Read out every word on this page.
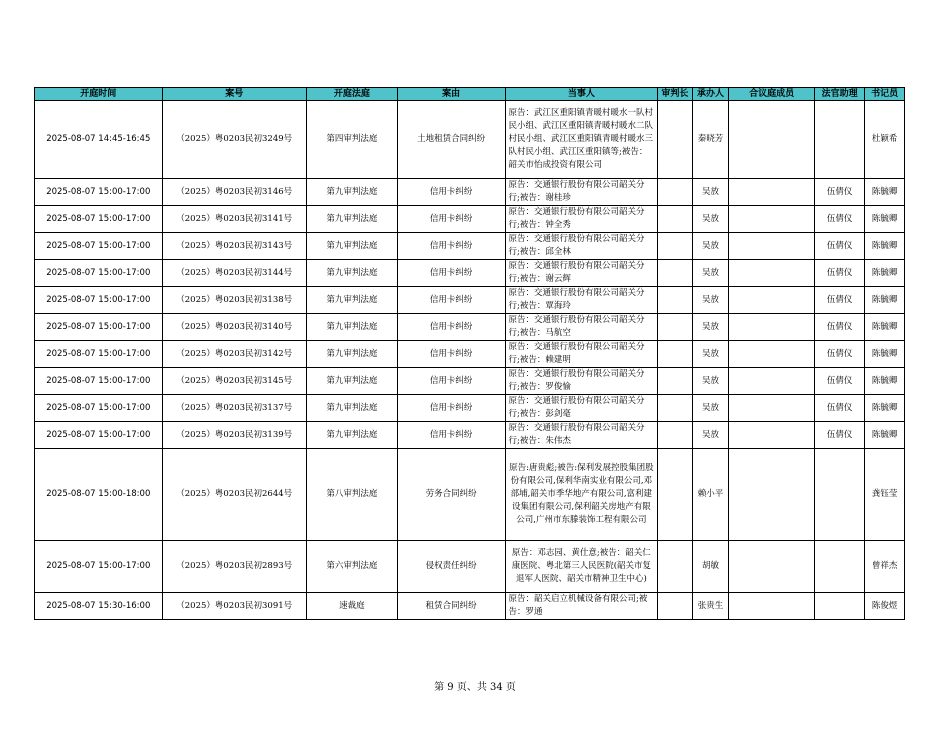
开庭时间	案号	开庭法庭	案由	当事人	审判长	承办人	合议庭成员	法官助理	书记员
2025-08-07 14:45-16:45	（2025）粤0203民初3249号	第四审判法庭	土地租赁合同纠纷	原告：武江区重阳镇青暖村暖水一队村民小组、武江区重阳镇青暖村暖水二队村民小组、武江区重阳镇青暖村暖水三队村民小组、武江区重阳镇等;被告：韶关市怡成投资有限公司		秦晓芳			杜颖希
2025-08-07 15:00-17:00	（2025）粤0203民初3146号	第九审判法庭	信用卡纠纷	原告：交通银行股份有限公司韶关分行;被告：谢桂珍		吴放		伍倩仪	陈毓卿
2025-08-07 15:00-17:00	（2025）粤0203民初3141号	第九审判法庭	信用卡纠纷	原告：交通银行股份有限公司韶关分行;被告：钟全秀		吴放		伍倩仪	陈毓卿
2025-08-07 15:00-17:00	（2025）粤0203民初3143号	第九审判法庭	信用卡纠纷	原告：交通银行股份有限公司韶关分行;被告：邱全林		吴放		伍倩仪	陈毓卿
2025-08-07 15:00-17:00	（2025）粤0203民初3144号	第九审判法庭	信用卡纠纷	原告：交通银行股份有限公司韶关分行;被告：谢云辉		吴放		伍倩仪	陈毓卿
2025-08-07 15:00-17:00	（2025）粤0203民初3138号	第九审判法庭	信用卡纠纷	原告：交通银行股份有限公司韶关分行;被告：覃海玲		吴放		伍倩仪	陈毓卿
2025-08-07 15:00-17:00	（2025）粤0203民初3140号	第九审判法庭	信用卡纠纷	原告：交通银行股份有限公司韶关分行;被告：马航空		吴放		伍倩仪	陈毓卿
2025-08-07 15:00-17:00	（2025）粤0203民初3142号	第九审判法庭	信用卡纠纷	原告：交通银行股份有限公司韶关分行;被告：赖建明		吴放		伍倩仪	陈毓卿
2025-08-07 15:00-17:00	（2025）粤0203民初3145号	第九审判法庭	信用卡纠纷	原告：交通银行股份有限公司韶关分行;被告：罗俊愉		吴放		伍倩仪	陈毓卿
2025-08-07 15:00-17:00	（2025）粤0203民初3137号	第九审判法庭	信用卡纠纷	原告：交通银行股份有限公司韶关分行;被告：彭剑毫		吴放		伍倩仪	陈毓卿
2025-08-07 15:00-17:00	（2025）粤0203民初3139号	第九审判法庭	信用卡纠纷	原告：交通银行股份有限公司韶关分行;被告：朱伟杰		吴放		伍倩仪	陈毓卿
2025-08-07 15:00-18:00	（2025）粤0203民初2644号	第八审判法庭	劳务合同纠纷	原告:唐贵彪;被告:保利发展控股集团股份有限公司,保利华南实业有限公司,邓部埔,韶关市季华地产有限公司,富利建设集团有限公司,保利韶关房地产有限公司,广州市东滕装饰工程有限公司		赖小平			龚钰莹
2025-08-07 15:00-17:00	（2025）粤0203民初2893号	第六审判法庭	侵权责任纠纷	原告：邓志园、黄仕意;被告：韶关仁康医院、粤北第三人民医院(韶关市复退军人医院、韶关市精神卫生中心)		胡敏			曾祥杰
2025-08-07 15:30-16:00	（2025）粤0203民初3091号	速裁庭	租赁合同纠纷	原告：韶关启立机械设备有限公司;被告：罗通		张贵生			陈俊煜
第 9 页、共 34 页
